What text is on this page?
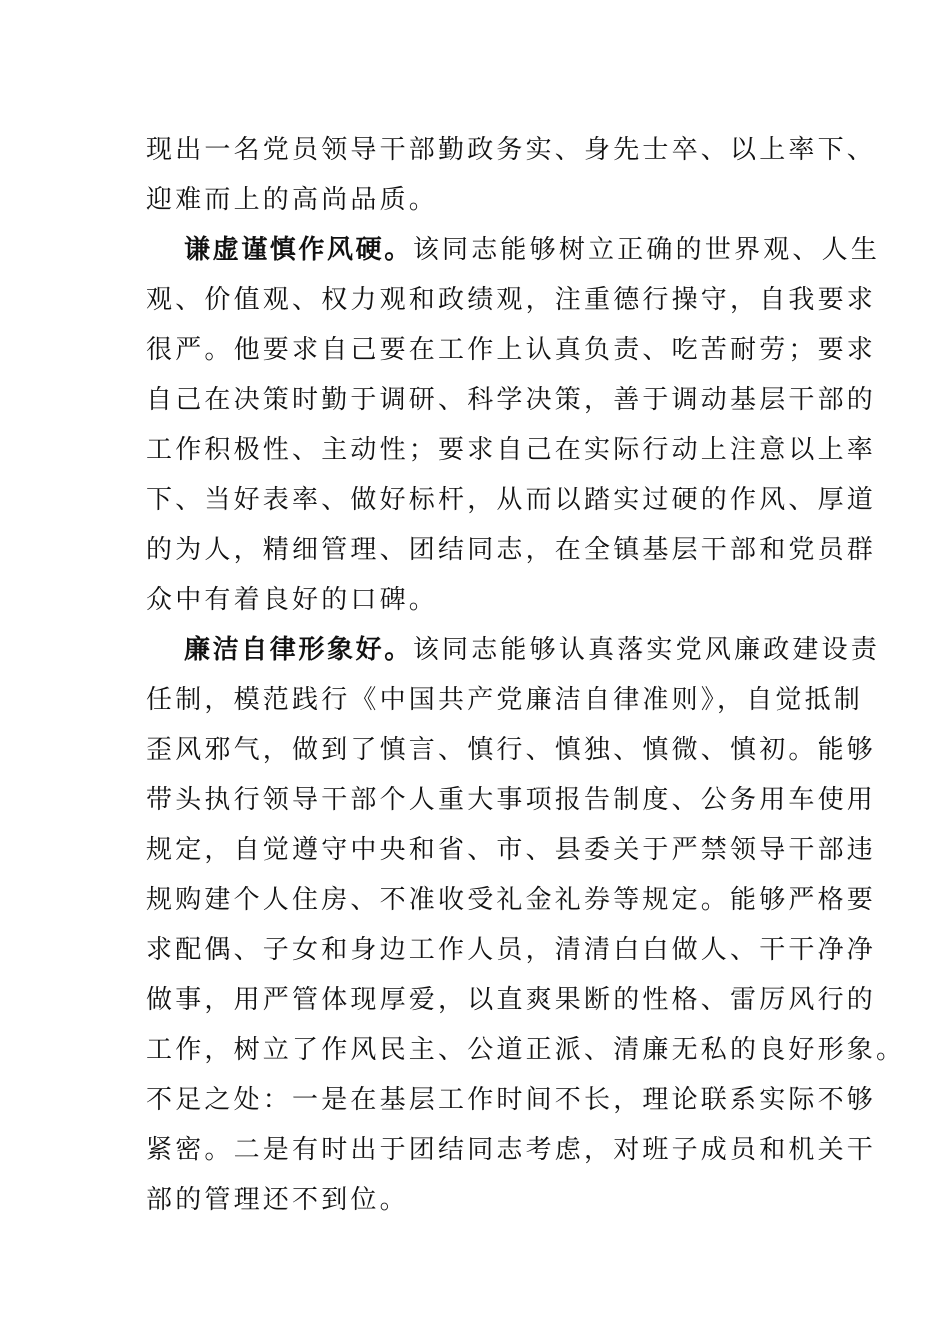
现出一名党员领导干部勤政务实、身先士卒、以上率下、
迎难而上的高尚品质。
谦虚谨慎作风硬。该同志能够树立正确的世界观、人生
观、价值观、权力观和政绩观，注重德行操守，自我要求
很严。他要求自己要在工作上认真负责、吃苦耐劳；要求
自己在决策时勤于调研、科学决策，善于调动基层干部的
工作积极性、主动性；要求自己在实际行动上注意以上率
下、当好表率、做好标杆，从而以踏实过硬的作风、厚道
的为人，精细管理、团结同志，在全镇基层干部和党员群
众中有着良好的口碑。
廉洁自律形象好。该同志能够认真落实党风廉政建设责
任制，模范践行《中国共产党廉洁自律准则》，自觉抵制
歪风邪气，做到了慎言、慎行、慎独、慎微、慎初。能够
带头执行领导干部个人重大事项报告制度、公务用车使用
规定，自觉遵守中央和省、市、县委关于严禁领导干部违
规购建个人住房、不准收受礼金礼券等规定。能够严格要
求配偶、子女和身边工作人员，清清白白做人、干干净净
做事，用严管体现厚爱，以直爽果断的性格、雷厉风行的
工作，树立了作风民主、公道正派、清廉无私的良好形象。
不足之处：一是在基层工作时间不长，理论联系实际不够
紧密。二是有时出于团结同志考虑，对班子成员和机关干
部的管理还不到位。
